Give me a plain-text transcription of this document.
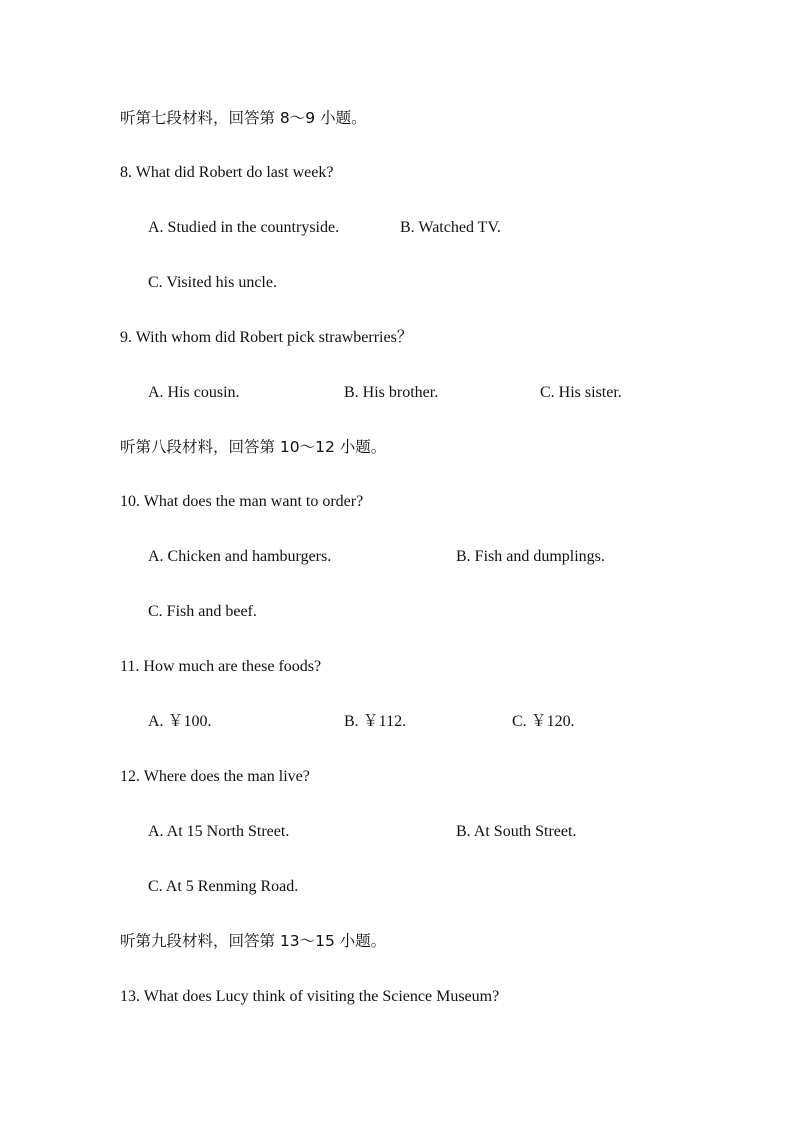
听第七段材料，回答第 8～9 小题。
8. What did Robert do last week?
A. Studied in the countryside.	B. Watched TV.
C. Visited his uncle.
9. With whom did Robert pick strawberries？
A. His cousin.	B. His brother.	C. His sister.
听第八段材料，回答第 10～12 小题。
10. What does the man want to order?
A. Chicken and hamburgers.	B. Fish and dumplings.
C. Fish and beef.
11. How much are these foods?
A. ￥100.	B. ￥112.	C. ￥120.
12. Where does the man live?
A. At 15 North Street.	B. At South Street.
C. At 5 Renming Road.
听第九段材料，回答第 13～15 小题。
13. What does Lucy think of visiting the Science Museum?
